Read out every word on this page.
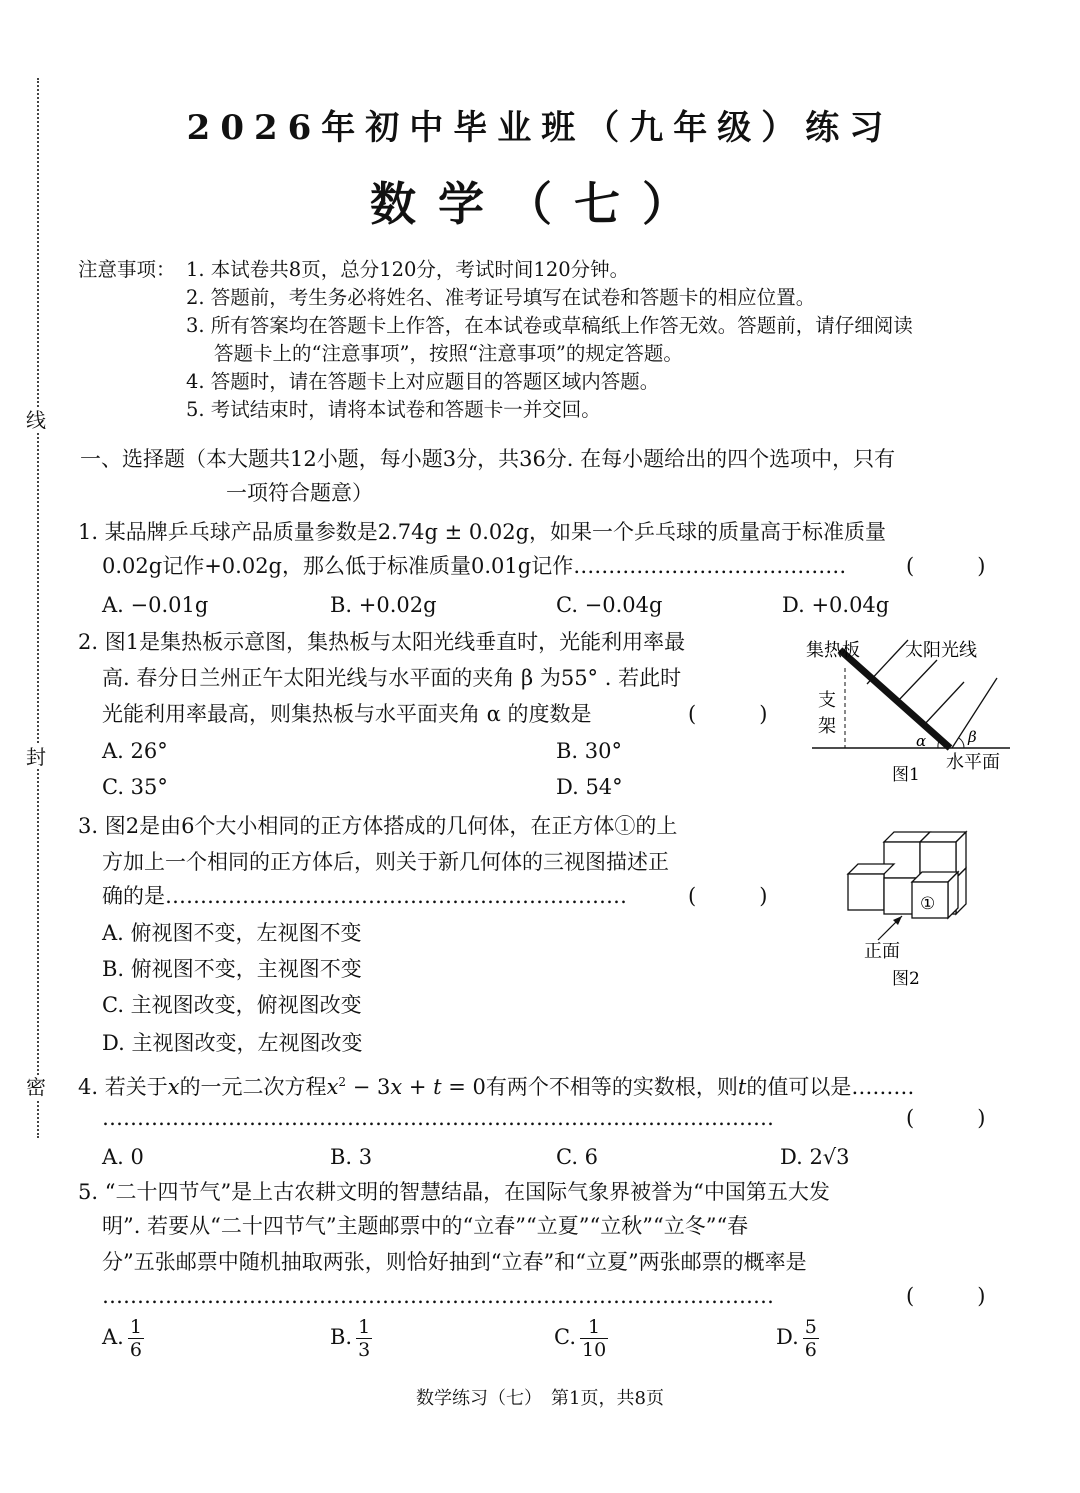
线
封
密
2026年初中毕业班（九年级）练习
数学（七）
注意事项： 1. 本试卷共8页，总分120分，考试时间120分钟。
2. 答题前，考生务必将姓名、准考证号填写在试卷和答题卡的相应位置。
3. 所有答案均在答题卡上作答，在本试卷或草稿纸上作答无效。答题前，请仔细阅读
答题卡上的“注意事项”，按照“注意事项”的规定答题。
4. 答题时，请在答题卡上对应题目的答题区域内答题。
5. 考试结束时，请将本试卷和答题卡一并交回。
一、选择题（本大题共12小题，每小题3分，共36分. 在每小题给出的四个选项中，只有
一项符合题意）
1. 某品牌乒乓球产品质量参数是2.74g ± 0.02g，如果一个乒乓球的质量高于标准质量
0.02g记作+0.02g，那么低于标准质量0.01g记作…………………………………	(　　　)
A. −0.01g	B. +0.02g	C. −0.04g	D. +0.04g
2. 图1是集热板示意图，集热板与太阳光线垂直时，光能利用率最
高. 春分日兰州正午太阳光线与水平面的夹角 β 为55° . 若此时
光能利用率最高，则集热板与水平面夹角 α 的度数是	(　　　)
A. 26°	B. 30°
C. 35°	D. 54°
集热板	太阳光线
支
架
α	β
水平面
图1
3. 图2是由6个大小相同的正方体搭成的几何体，在正方体①的上
方加上一个相同的正方体后，则关于新几何体的三视图描述正
确的是…………………………………………………………	(　　　)
A. 俯视图不变，左视图不变
B. 俯视图不变，主视图不变
C. 主视图改变，俯视图改变
D. 主视图改变，左视图改变
①
正面
图2
4. 若关于x的一元二次方程$x^2 - 3x + t = 0$有两个不相等的实数根，则t的值可以是………
……………………………………………………………………………………	(　　　)
A. 0	B. 3	C. 6	D. 2√3
5. “二十四节气”是上古农耕文明的智慧结晶，在国际气象界被誉为“中国第五大发
明”. 若要从“二十四节气”主题邮票中的“立春”“立夏”“立秋”“立冬”“春
分”五张邮票中随机抽取两张，则恰好抽到“立春”和“立夏”两张邮票的概率是
……………………………………………………………………………………	(　　　)
A. $\frac{1}{6}$	B. $\frac{1}{3}$	C. $\frac{1}{10}$	D. $\frac{5}{6}$
数学练习（七）　第1页，共8页
